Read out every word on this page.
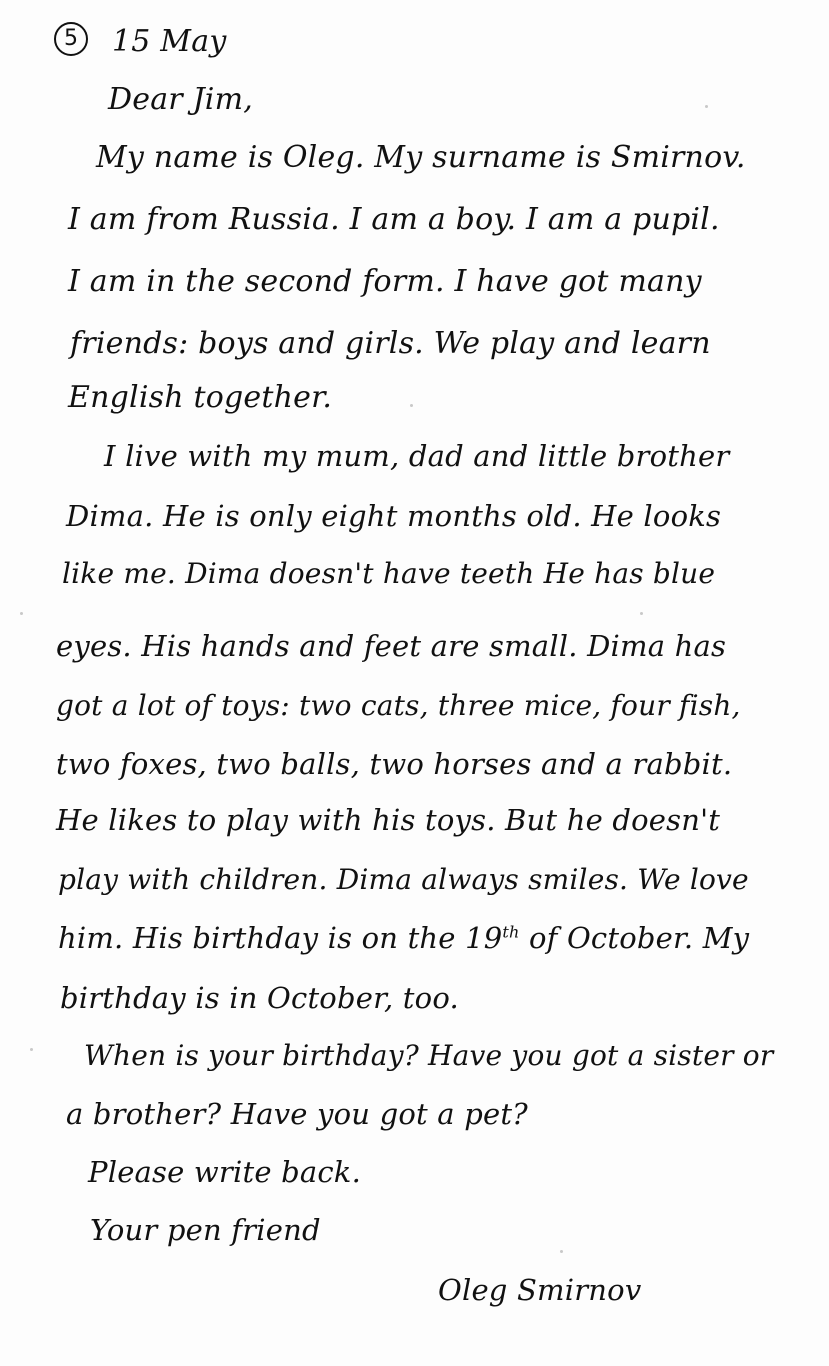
5 15 May
Dear Jim,
My name is Oleg. My surname is Smirnov.
I am from Russia. I am a boy. I am a pupil.
I am in the second form. I have got many
friends: boys and girls. We play and learn
English together.
I live with my mum, dad and little brother
Dima. He is only eight months old. He looks
like me. Dima doesn't have teeth He has blue
eyes. His hands and feet are small. Dima has
got a lot of toys: two cats, three mice, four fish,
two foxes, two balls, two horses and a rabbit.
He likes to play with his toys. But he doesn't
play with children. Dima always smiles. We love
him. His birthday is on the 19th of October. My
birthday is in October, too.
When is your birthday? Have you got a sister or
a brother? Have you got a pet?
Please write back.
Your pen friend
Oleg Smirnov
